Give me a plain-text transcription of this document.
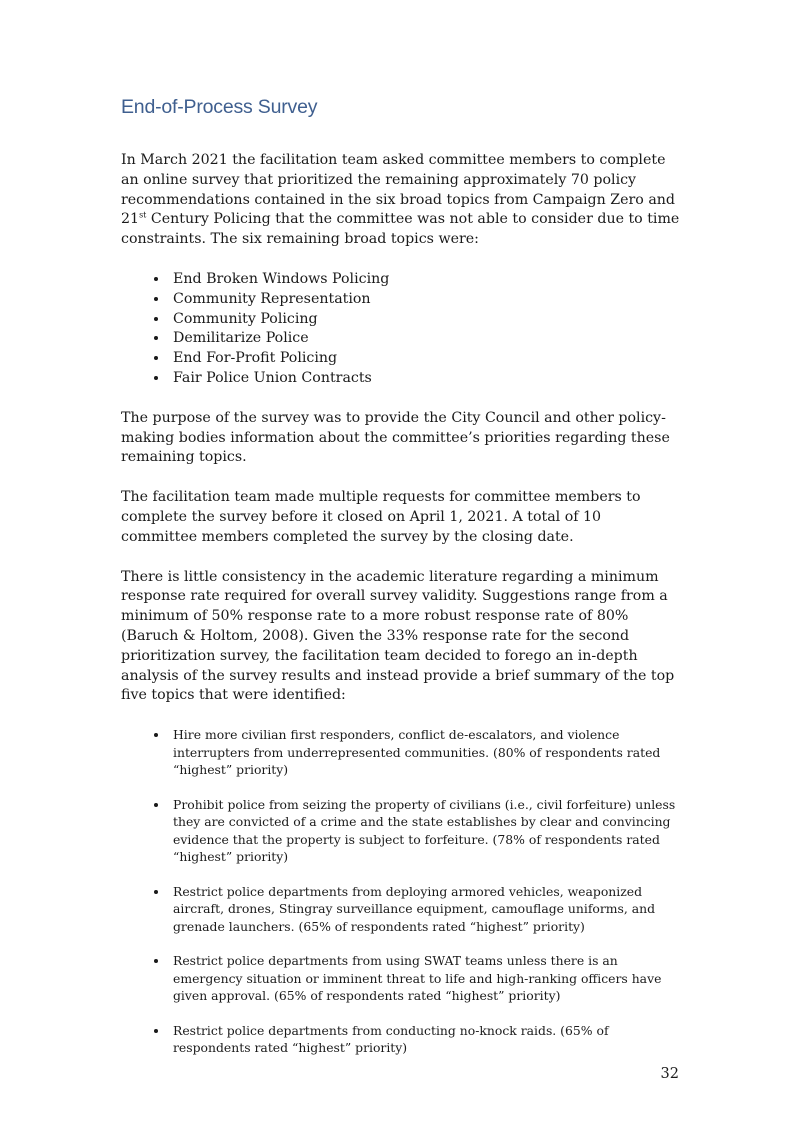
End-of-Process Survey

In March 2021 the facilitation team asked committee members to complete an online survey that prioritized the remaining approximately 70 policy recommendations contained in the six broad topics from Campaign Zero and 21st Century Policing that the committee was not able to consider due to time constraints. The six remaining broad topics were:

• End Broken Windows Policing
• Community Representation
• Community Policing
• Demilitarize Police
• End For-Profit Policing
• Fair Police Union Contracts

The purpose of the survey was to provide the City Council and other policy-making bodies information about the committee’s priorities regarding these remaining topics.

The facilitation team made multiple requests for committee members to complete the survey before it closed on April 1, 2021. A total of 10 committee members completed the survey by the closing date.

There is little consistency in the academic literature regarding a minimum response rate required for overall survey validity. Suggestions range from a minimum of 50% response rate to a more robust response rate of 80% (Baruch & Holtom, 2008). Given the 33% response rate for the second prioritization survey, the facilitation team decided to forego an in-depth analysis of the survey results and instead provide a brief summary of the top five topics that were identified:

• Hire more civilian first responders, conflict de-escalators, and violence interrupters from underrepresented communities. (80% of respondents rated “highest” priority)
• Prohibit police from seizing the property of civilians (i.e., civil forfeiture) unless they are convicted of a crime and the state establishes by clear and convincing evidence that the property is subject to forfeiture. (78% of respondents rated “highest” priority)
• Restrict police departments from deploying armored vehicles, weaponized aircraft, drones, Stingray surveillance equipment, camouflage uniforms, and grenade launchers. (65% of respondents rated “highest” priority)
• Restrict police departments from using SWAT teams unless there is an emergency situation or imminent threat to life and high-ranking officers have given approval. (65% of respondents rated “highest” priority)
• Restrict police departments from conducting no-knock raids. (65% of respondents rated “highest” priority)
32
